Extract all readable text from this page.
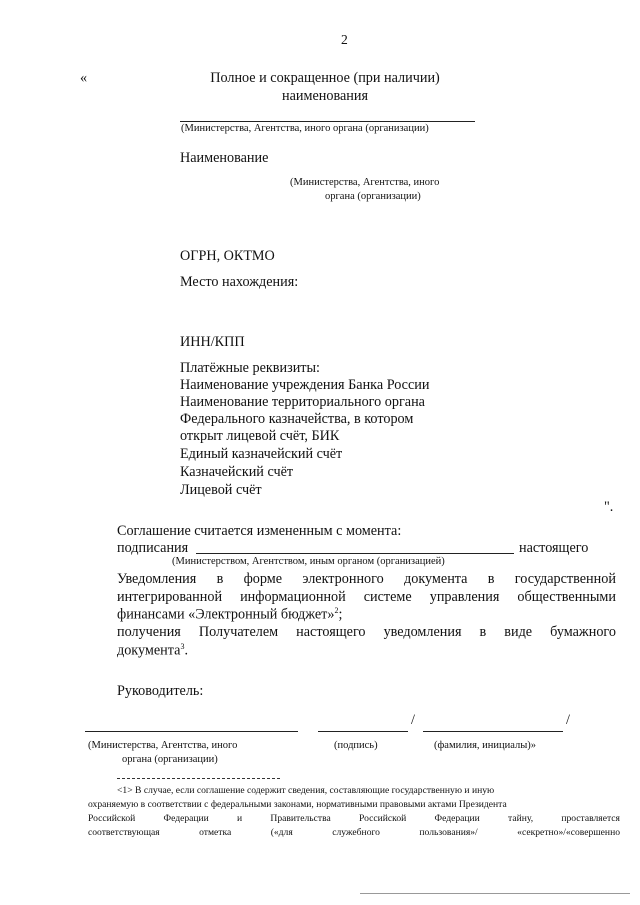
2
«	Полное и сокращенное (при наличии)
наименования
(Министерства, Агентства, иного органа (организации)
Наименование
(Министерства, Агентства, иного
органа (организации)
ОГРН, ОКТМО
Место нахождения:
ИНН/КПП
Платёжные реквизиты:
Наименование учреждения Банка России
Наименование территориального органа
Федерального казначейства, в котором
открыт лицевой счёт, БИК
Единый казначейский счёт
Казначейский счёт
Лицевой счёт
".
Соглашение считается измененным с момента:
подписания	настоящего
(Министерством, Агентством, иным органом (организацией)
Уведомления в форме электронного документа в государственной
интегрированной информационной системе управления общественными
финансами «Электронный бюджет»$^2$;
получения Получателем настоящего уведомления в виде бумажного
документа$^3$.
Руководитель:
/	/
(Министерства, Агентства, иного
органа (организации)
(подпись)	(фамилия, инициалы)»
<1> В случае, если соглашение содержит сведения, составляющие государственную и иную
охраняемую в соответствии с федеральными законами, нормативными правовыми актами Президента
Российской	Федерации	и	Правительства	Российской	Федерации	тайну,	проставляется
соответствующая	отметка	(«для	служебного	пользования»/	«секретно»/«совершенно
